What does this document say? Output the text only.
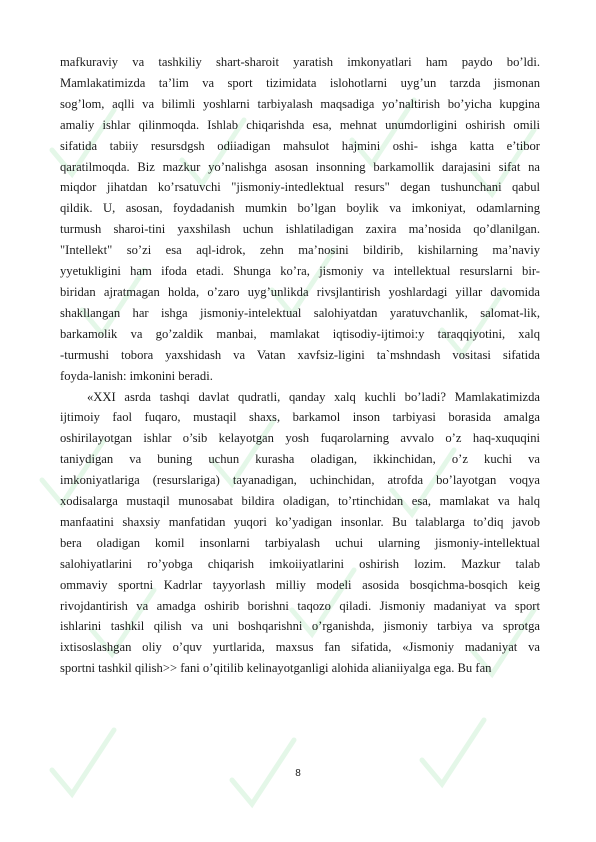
mafkuraviy va tashkiliy shart-sharoit yaratish imkonyatlari ham paydo bo’ldi.
Mamlakatimizda ta’lim va sport tizimidata islohotlarni uyg’un tarzda jismonan
sog’lom, aqlli va bilimli yoshlarni tarbiyalash maqsadiga yo’naltirish bo’yicha kupgina
amaliy ishlar qilinmoqda. Ishlab chiqarishda esa, mehnat unumdorligini oshirish omili
sifatida tabiiy resursdgsh odiiadigan mahsulot hajmini oshi- ishga katta e’tibor
qaratilmoqda. Biz mazkur yo’nalishga asosan insonning barkamollik darajasini sifat na
miqdor jihatdan ko’rsatuvchi "jismoniy-intedlektual resurs" degan tushunchani qabul
qildik. U, asosan, foydadanish mumkin bo’lgan boylik va imkoniyat, odamlarning
turmush sharoi-tini yaxshilash uchun ishlatiladigan zaxira ma’nosida qo’dlanilgan.
"Intellekt" so’zi esa aql-idrok, zehn ma’nosini bildirib, kishilarning ma’naviy
yyetukligini ham ifoda etadi. Shunga ko’ra, jismoniy va intellektual resurslarni bir-
biridan ajratmagan holda, o’zaro uyg’unlikda rivsjlantirish yoshlardagi yillar davomida
shakllangan har ishga jismoniy-intelektual salohiyatdan yaratuvchanlik, salomat-lik,
barkamolik va go’zaldik manbai, mamlakat iqtisodiy-ijtimoi:y taraqqiyotini, xalq
-turmushi tobora yaxshidash va Vatan xavfsiz-ligini ta`mshndash vositasi sifatida
foyda-lanish: imkonini beradi.
«XXI asrda tashqi davlat qudratli, qanday xalq kuchli bo’ladi? Mamlakatimizda
ijtimoiy faol fuqaro, mustaqil shaxs, barkamol inson tarbiyasi borasida amalga
oshirilayotgan ishlar o’sib kelayotgan yosh fuqarolarning avvalo o’z haq-xuquqini
taniydigan va buning uchun kurasha oladigan, ikkinchidan, o’z kuchi va
imkoniyatlariga (resurslariga) tayanadigan, uchinchidan, atrofda bo’layotgan voqya
xodisalarga mustaqil munosabat bildira oladigan, to’rtinchidan esa, mamlakat va halq
manfaatini shaxsiy manfatidan yuqori ko’yadigan insonlar. Bu talablarga to’diq javob
bera oladigan komil insonlarni tarbiyalash uchui ularning jismoniy-intellektual
salohiyatlarini ro’yobga chiqarish imkoiiyatlarini oshirish lozim. Mazkur talab
ommaviy sportni Kadrlar tayyorlash milliy modeli asosida bosqichma-bosqich keig
rivojdantirish va amadga oshirib borishni taqozo qiladi. Jismoniy madaniyat va sport
ishlarini tashkil qilish va uni boshqarishni o’rganishda, jismoniy tarbiya va sprotga
ixtisoslashgan oliy o’quv yurtlarida, maxsus fan sifatida, «Jismoniy madaniyat va
sportni tashkil qilish>> fani o’qitilib kelinayotganligi alohida alianiiyalga ega. Bu fan
8
